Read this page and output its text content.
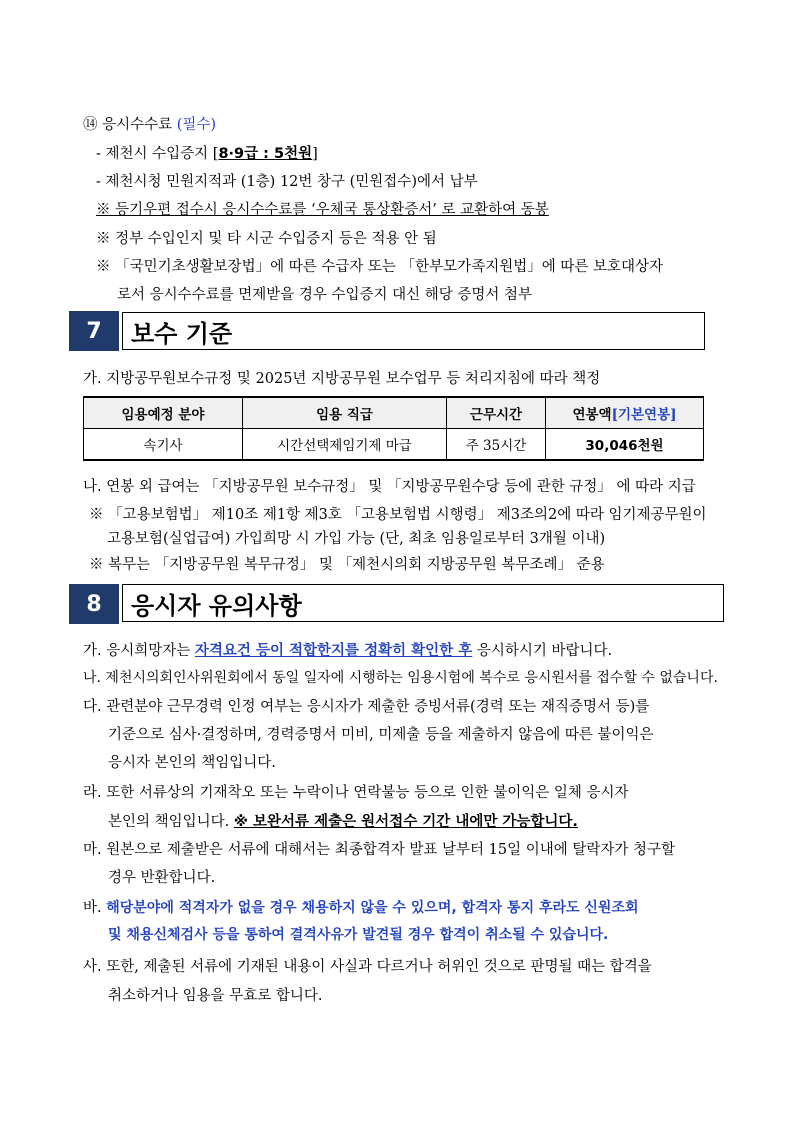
⑭ 응시수수료 (필수)
- 제천시 수입증지 [8·9급 : 5천원]
- 제천시청 민원지적과 (1층) 12번 창구 (민원접수)에서 납부
※ 등기우편 접수시 응시수수료를 ‘우체국 통상환증서’ 로 교환하여 동봉
※ 정부 수입인지 및 타 시군 수입증지 등은 적용 안 됨
※ 「국민기초생활보장법」에 따른 수급자 또는 「한부모가족지원법」에 따른 보호대상자
로서 응시수수료를 면제받을 경우 수입증지 대신 해당 증명서 첨부
7	보수 기준
가. 지방공무원보수규정 및 2025년 지방공무원 보수업무 등 처리지침에 따라 책정
임용예정 분야	임용 직급	근무시간	연봉액[기본연봉]
속기사	시간선택제임기제 마급	주 35시간	30,046천원
나. 연봉 외 급여는 「지방공무원 보수규정」 및 「지방공무원수당 등에 관한 규정」 에 따라 지급
※ 「고용보험법」 제10조 제1항 제3호 「고용보험법 시행령」 제3조의2에 따라 임기제공무원이
고용보험(실업급여) 가입희망 시 가입 가능 (단, 최초 임용일로부터 3개월 이내)
※ 복무는 「지방공무원 복무규정」 및 「제천시의회 지방공무원 복무조례」 준용
8	응시자 유의사항
가. 응시희망자는 자격요건 등이 적합한지를 정확히 확인한 후 응시하시기 바랍니다.
나. 제천시의회인사위원회에서 동일 일자에 시행하는 임용시험에 복수로 응시원서를 접수할 수 없습니다.
다. 관련분야 근무경력 인정 여부는 응시자가 제출한 증빙서류(경력 또는 재직증명서 등)를
기준으로 심사·결정하며, 경력증명서 미비, 미제출 등을 제출하지 않음에 따른 불이익은
응시자 본인의 책임입니다.
라. 또한 서류상의 기재착오 또는 누락이나 연락불능 등으로 인한 불이익은 일체 응시자
본인의 책임입니다. ※ 보완서류 제출은 원서접수 기간 내에만 가능합니다.
마. 원본으로 제출받은 서류에 대해서는 최종합격자 발표 날부터 15일 이내에 탈락자가 청구할
경우 반환합니다.
바. 해당분야에 적격자가 없을 경우 채용하지 않을 수 있으며, 합격자 통지 후라도 신원조회
및 채용신체검사 등을 통하여 결격사유가 발견될 경우 합격이 취소될 수 있습니다.
사. 또한, 제출된 서류에 기재된 내용이 사실과 다르거나 허위인 것으로 판명될 때는 합격을
취소하거나 임용을 무효로 합니다.
